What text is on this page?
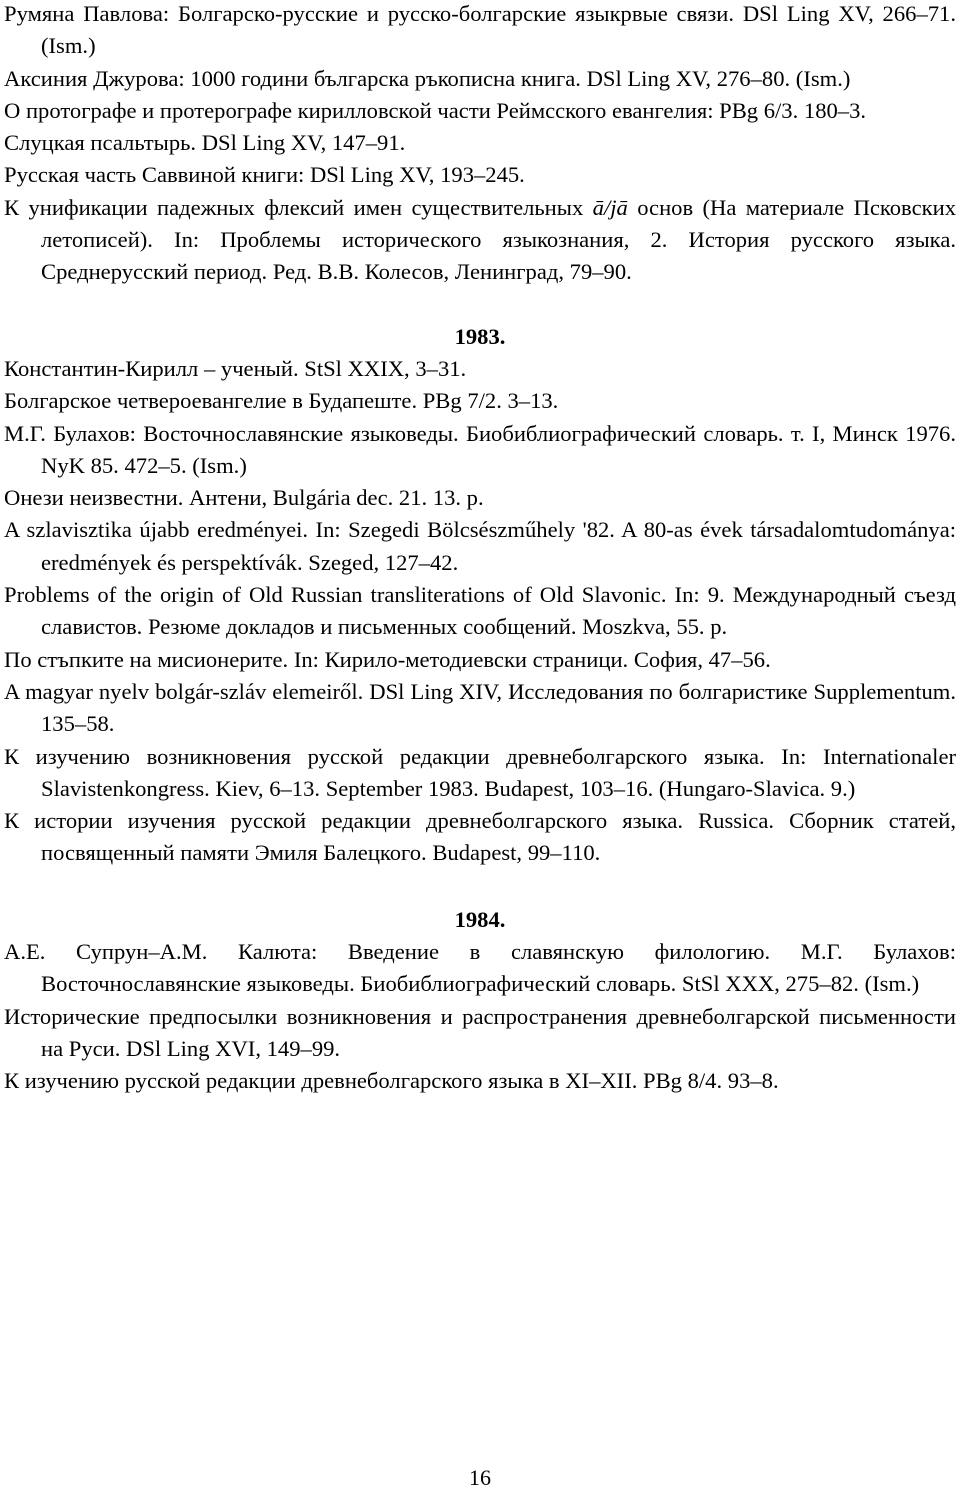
Румяна Павлова: Болгарско-русские и русско-болгарские языкрвые связи. DSl Ling XV, 266–71. (Ism.)

Аксиния Джурова: 1000 години българска ръкописна книга. DSl Ling XV, 276–80. (Ism.)

О протографе и протерографе кирилловской части Реймсского евангелия: PBg 6/3. 180–3.

Слуцкая псальтырь. DSl Ling XV, 147–91.

Русская часть Саввиной книги: DSl Ling XV, 193–245.

К унификации падежных флексий имен существительных ā/jā основ (На материале Псковских летописей). In: Проблемы исторического языкознания, 2. История русского языка. Среднерусский период. Ред. В.В. Колесов, Ленинград, 79–90.

1983.

Константин-Кирилл – ученый. StSl XXIX, 3–31.

Болгарское четвероевангелие в Будапеште. PBg 7/2. 3–13.

М.Г. Булахов: Восточнославянские языковеды. Биобиблиографический словарь. т. I, Минск 1976. NyK 85. 472–5. (Ism.)

Онези неизвестни. Антени, Bulgária dec. 21. 13. p.

A szlavisztika újabb eredményei. In: Szegedi Bölcsészműhely '82. A 80-as évek társadalomtudománya: eredmények és perspektívák. Szeged, 127–42.

Problems of the origin of Old Russian transliterations of Old Slavonic. In: 9. Международный съезд славистов. Резюме докладов и письменных сообщений. Moszkva, 55. p.

По стъпките на мисионерите. In: Кирило-методиевски страници. София, 47–56.

A magyar nyelv bolgár-szláv elemeiről. DSl Ling XIV, Исследования по болгаристике Supplementum. 135–58.

К изучению возникновения русской редакции древнеболгарского языка. In: Internationaler Slavistenkongress. Kiev, 6–13. September 1983. Budapest, 103–16. (Hungaro-Slavica. 9.)

К истории изучения русской редакции древнеболгарского языка. Russica. Сборник статей, посвященный памяти Эмиля Балецкого. Budapest, 99–110.

1984.

А.Е. Супрун–А.М. Калюта: Введение в славянскую филологию. М.Г. Булахов: Восточнославянские языковеды. Биобиблиографический словарь. StSl XXX, 275–82. (Ism.)

Исторические предпосылки возникновения и распространения древнеболгарской письменности на Руси. DSl Ling XVI, 149–99.

К изучению русской редакции древнеболгарского языка в XI–XII. PBg 8/4. 93–8.

16
